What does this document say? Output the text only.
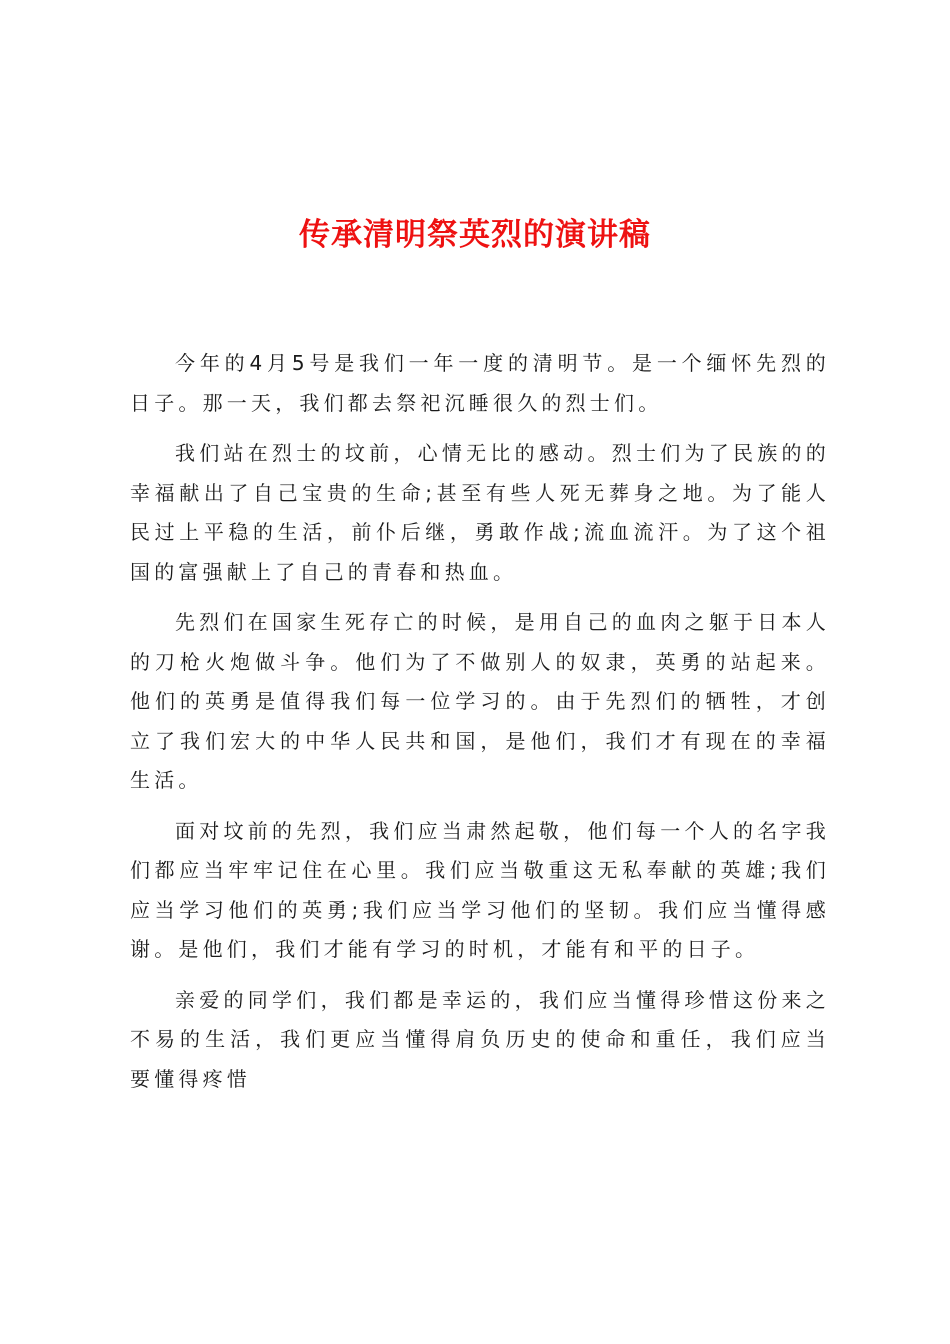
传承清明祭英烈的演讲稿

今年的4月5号是我们一年一度的清明节。是一个缅怀先烈的日子。那一天，我们都去祭祀沉睡很久的烈士们。

我们站在烈士的坟前，心情无比的感动。烈士们为了民族的的幸福献出了自己宝贵的生命;甚至有些人死无葬身之地。为了能人民过上平稳的生活，前仆后继，勇敢作战;流血流汗。为了这个祖国的富强献上了自己的青春和热血。

先烈们在国家生死存亡的时候，是用自己的血肉之躯于日本人的刀枪火炮做斗争。他们为了不做别人的奴隶，英勇的站起来。他们的英勇是值得我们每一位学习的。由于先烈们的牺牲，才创立了我们宏大的中华人民共和国，是他们，我们才有现在的幸福生活。

面对坟前的先烈，我们应当肃然起敬，他们每一个人的名字我们都应当牢牢记住在心里。我们应当敬重这无私奉献的英雄;我们应当学习他们的英勇;我们应当学习他们的坚韧。我们应当懂得感谢。是他们，我们才能有学习的时机，才能有和平的日子。

亲爱的同学们，我们都是幸运的，我们应当懂得珍惜这份来之不易的生活，我们更应当懂得肩负历史的使命和重任，我们应当要懂得疼惜
